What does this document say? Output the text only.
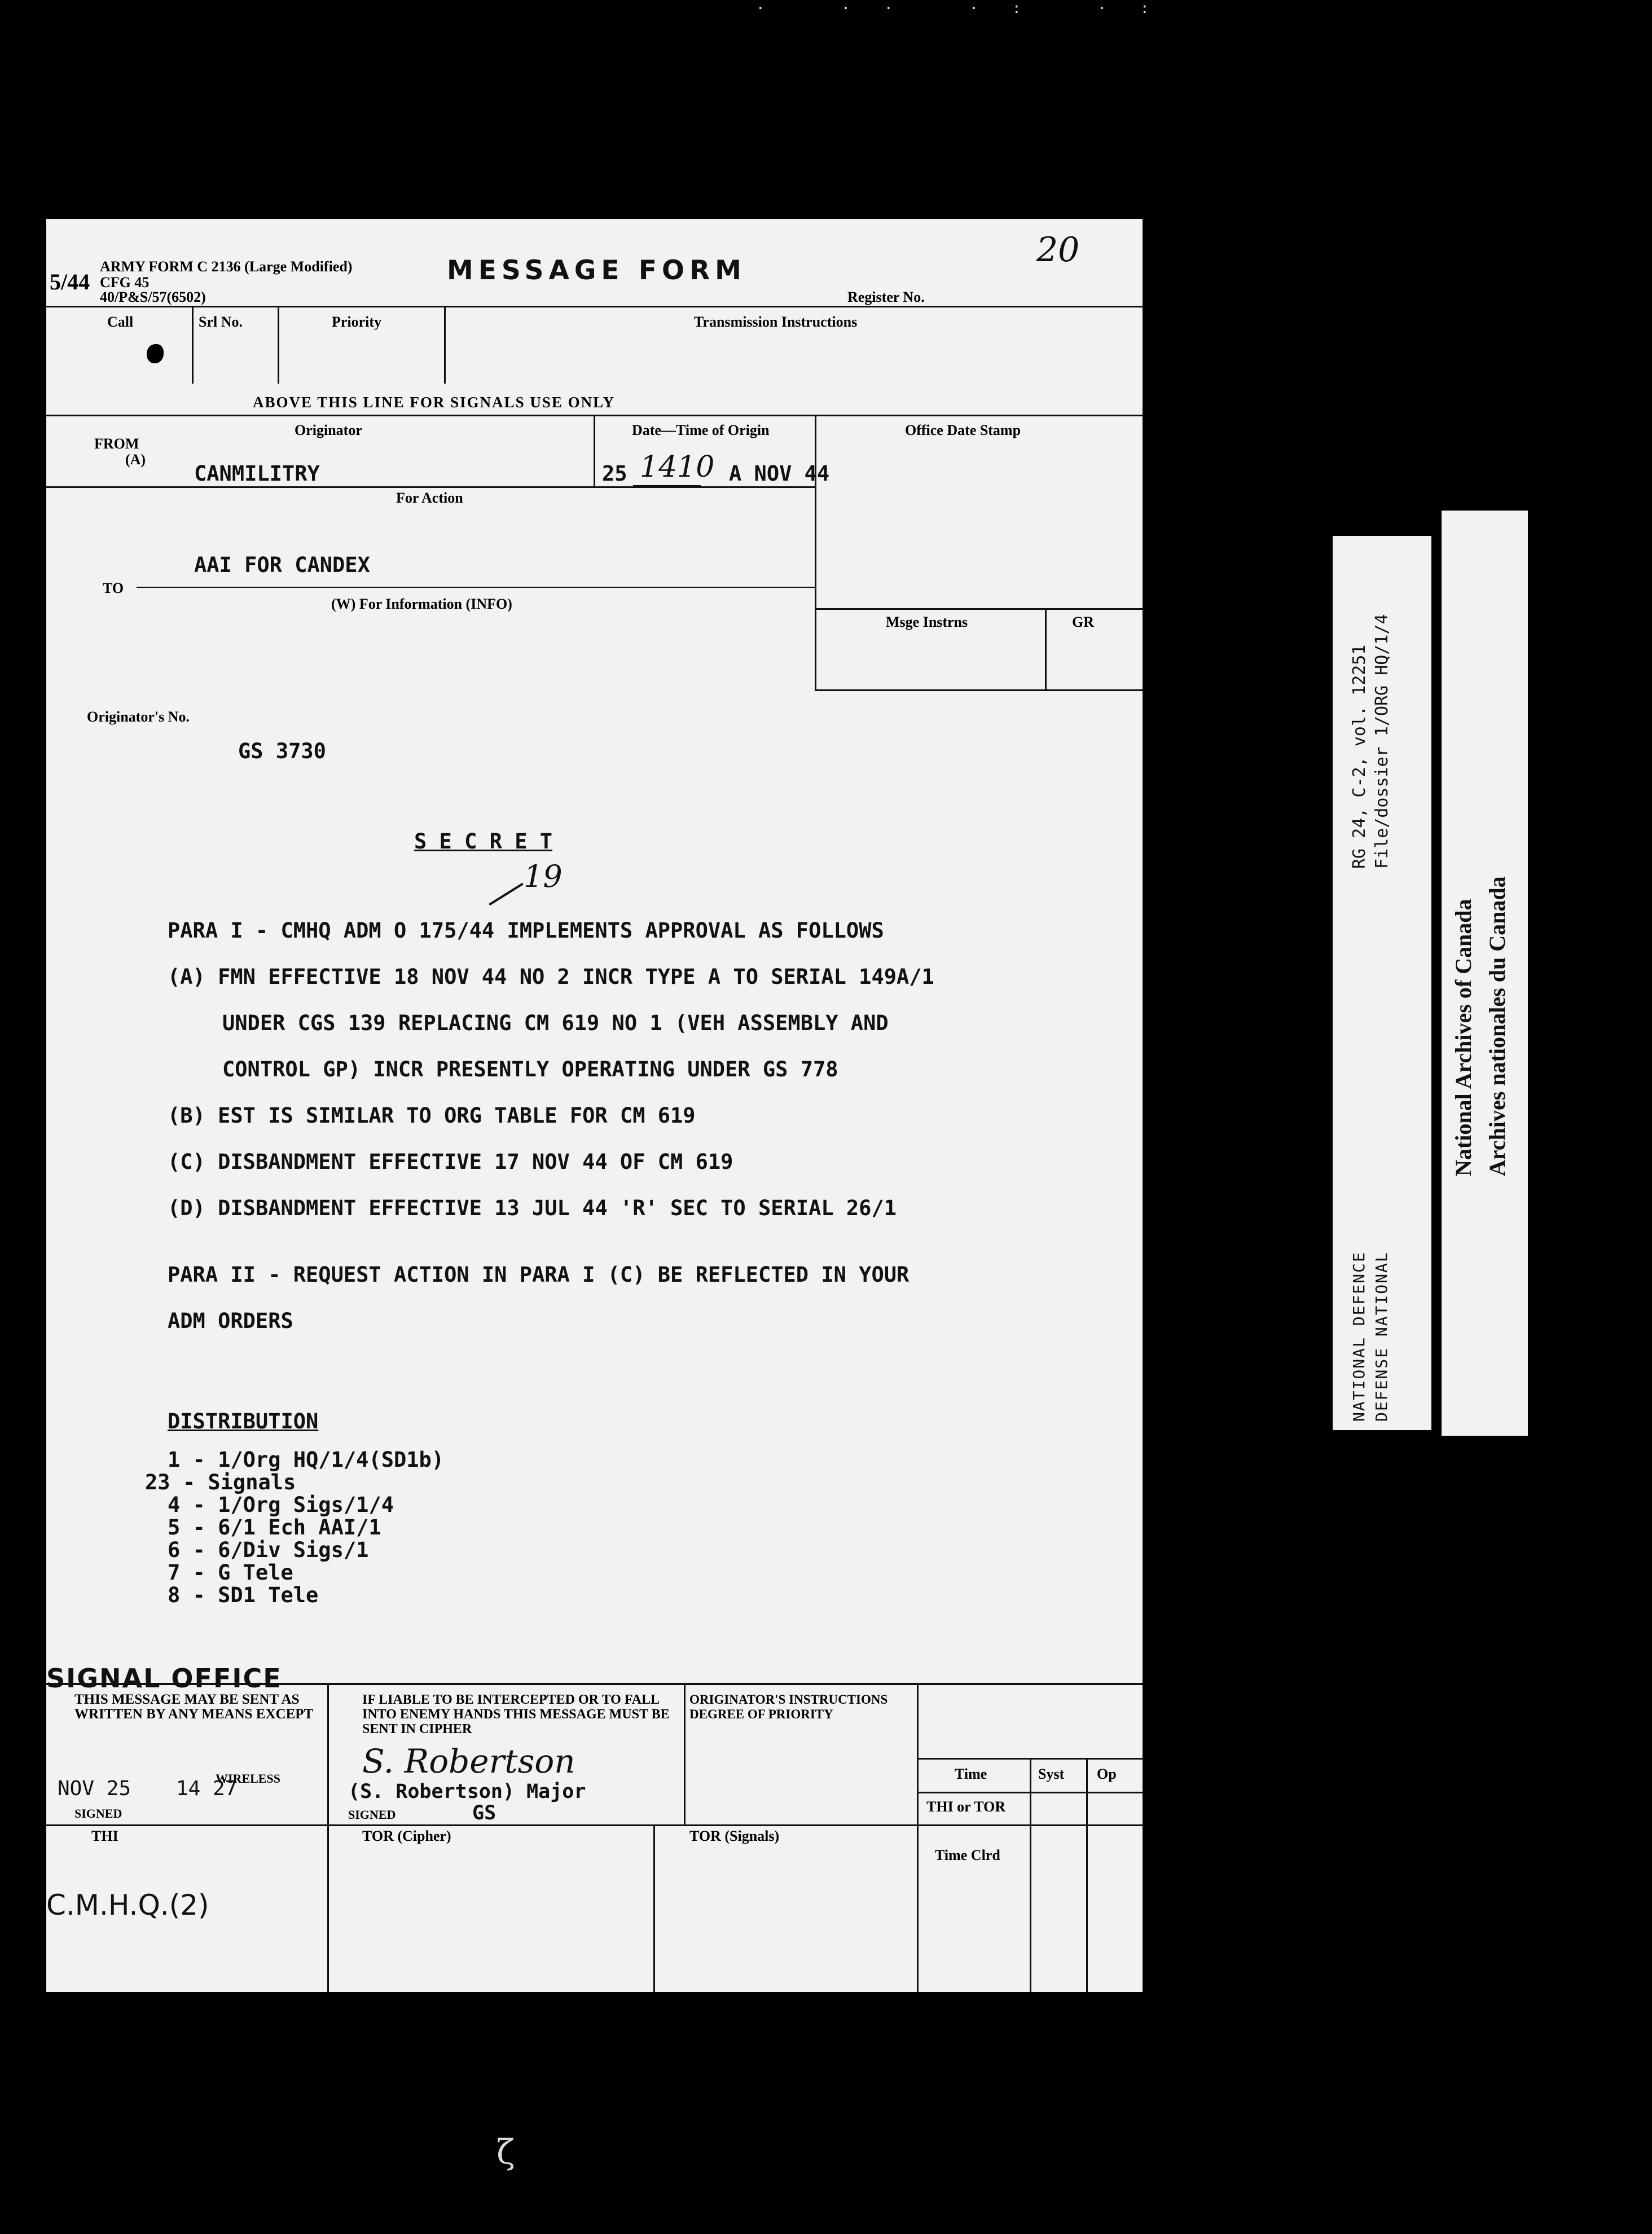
· ·· ·: ·:
5/44
ARMY FORM C 2136 (Large Modified)
CFG 45
40/P&S/57(6502)
MESSAGE FORM
20
Register No.
Call	Srl No.	Priority	Transmission Instructions
ABOVE THIS LINE FOR SIGNALS USE ONLY
FROM
(A)
Originator
CANMILITRY
Date—Time of Origin
25 1410 A NOV 44
Office Date Stamp
For Action
AAI FOR CANDEX
TO
(W) For Information (INFO)
Msge Instrns	GR
Originator's No.
GS 3730
S E C R E T
19
PARA I - CMHQ ADM O 175/44 IMPLEMENTS APPROVAL AS FOLLOWS
(A) FMN EFFECTIVE 18 NOV 44 NO 2 INCR TYPE A TO SERIAL 149A/1
UNDER CGS 139 REPLACING CM 619 NO 1 (VEH ASSEMBLY AND
CONTROL GP) INCR PRESENTLY OPERATING UNDER GS 778
(B) EST IS SIMILAR TO ORG TABLE FOR CM 619
(C) DISBANDMENT EFFECTIVE 17 NOV 44 OF CM 619
(D) DISBANDMENT EFFECTIVE 13 JUL 44 'R' SEC TO SERIAL 26/1
PARA II - REQUEST ACTION IN PARA I (C) BE REFLECTED IN YOUR
ADM ORDERS
DISTRIBUTION
1 - 1/Org HQ/1/4(SD1b)
23 - Signals
4 - 1/Org Sigs/1/4
5 - 6/1 Ech AAI/1
6 - 6/Div Sigs/1
7 - G Tele
8 - SD1 Tele
SIGNAL OFFICE
THIS MESSAGE MAY BE SENT AS WRITTEN BY ANY MEANS EXCEPT
WIRELESS
NOV 25 14 27
SIGNED
IF LIABLE TO BE INTERCEPTED OR TO FALL INTO ENEMY HANDS THIS MESSAGE MUST BE SENT IN CIPHER
S. Robertson
(S. Robertson) Major
SIGNED	GS
ORIGINATOR'S INSTRUCTIONS DEGREE OF PRIORITY
Time	Syst Op
THI or TOR
Time Clrd
THI	TOR (Cipher)	TOR (Signals)
C.M.H.Q.(2)
RG 24, C-2, vol. 12251 File/dossier 1/ORG HQ/1/4
NATIONAL DEFENCE DEFENSE NATIONAL
National Archives of Canada Archives nationales du Canada
ζ
